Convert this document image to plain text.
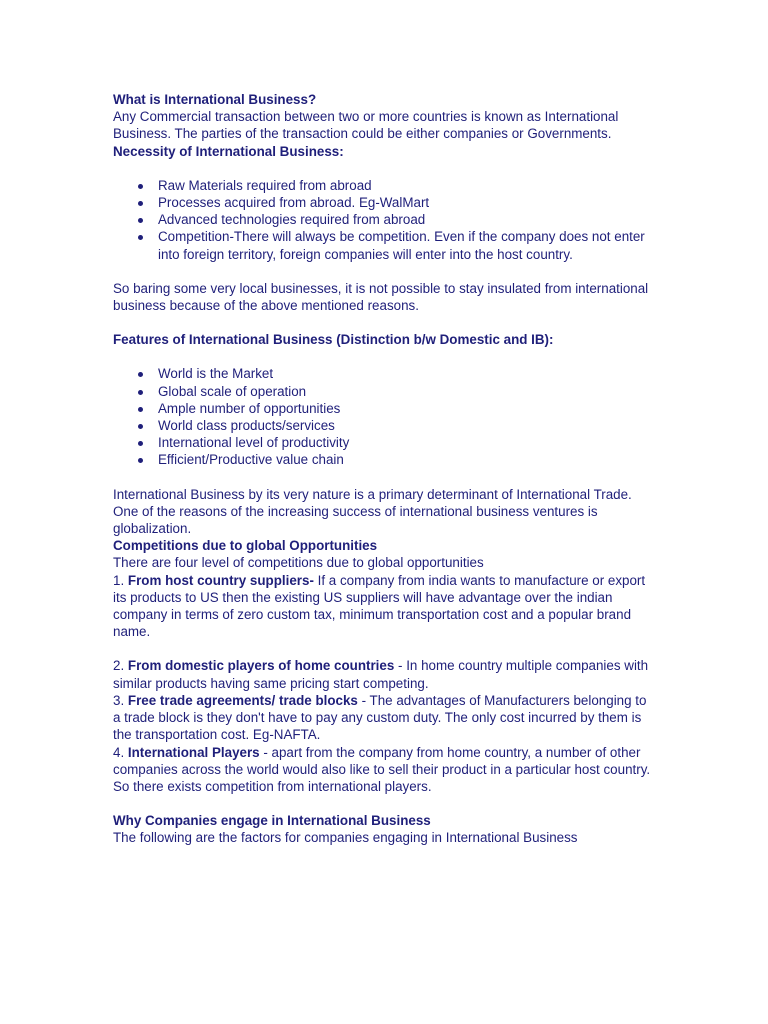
What is International Business?

Any Commercial transaction between two or more countries is known as International Business. The parties of the transaction could be either companies or Governments.

Necessity of International Business:

Raw Materials required from abroad
Processes acquired from abroad. Eg-WalMart
Advanced technologies required from abroad
Competition-There will always be competition. Even if the company does not enter into foreign territory, foreign companies will enter into the host country.

So baring some very local businesses, it is not possible to stay insulated from international business because of the above mentioned reasons.

Features of International Business (Distinction b/w Domestic and IB):

World is the Market
Global scale of operation
Ample number of opportunities
World class products/services
International level of productivity
Efficient/Productive value chain

International Business by its very nature is a primary determinant of International Trade. One of the reasons of the increasing success of international business ventures is globalization.

Competitions due to global Opportunities

There are four level of competitions due to global opportunities

1. From host country suppliers- If a company from india wants to manufacture or export its products to US then the existing US suppliers will have advantage over the indian company in terms of zero custom tax, minimum transportation cost and a popular brand name.

2. From domestic players of home countries - In home country multiple companies with similar products having same pricing start competing.

3. Free trade agreements/ trade blocks - The advantages of Manufacturers belonging to a trade block is they don't have to pay any custom duty. The only cost incurred by them is the transportation cost. Eg-NAFTA.

4. International Players - apart from the company from home country, a number of other companies across the world would also like to sell their product in a particular host country. So there exists competition from international players.

Why Companies engage in International Business

The following are the factors for companies engaging in International Business
